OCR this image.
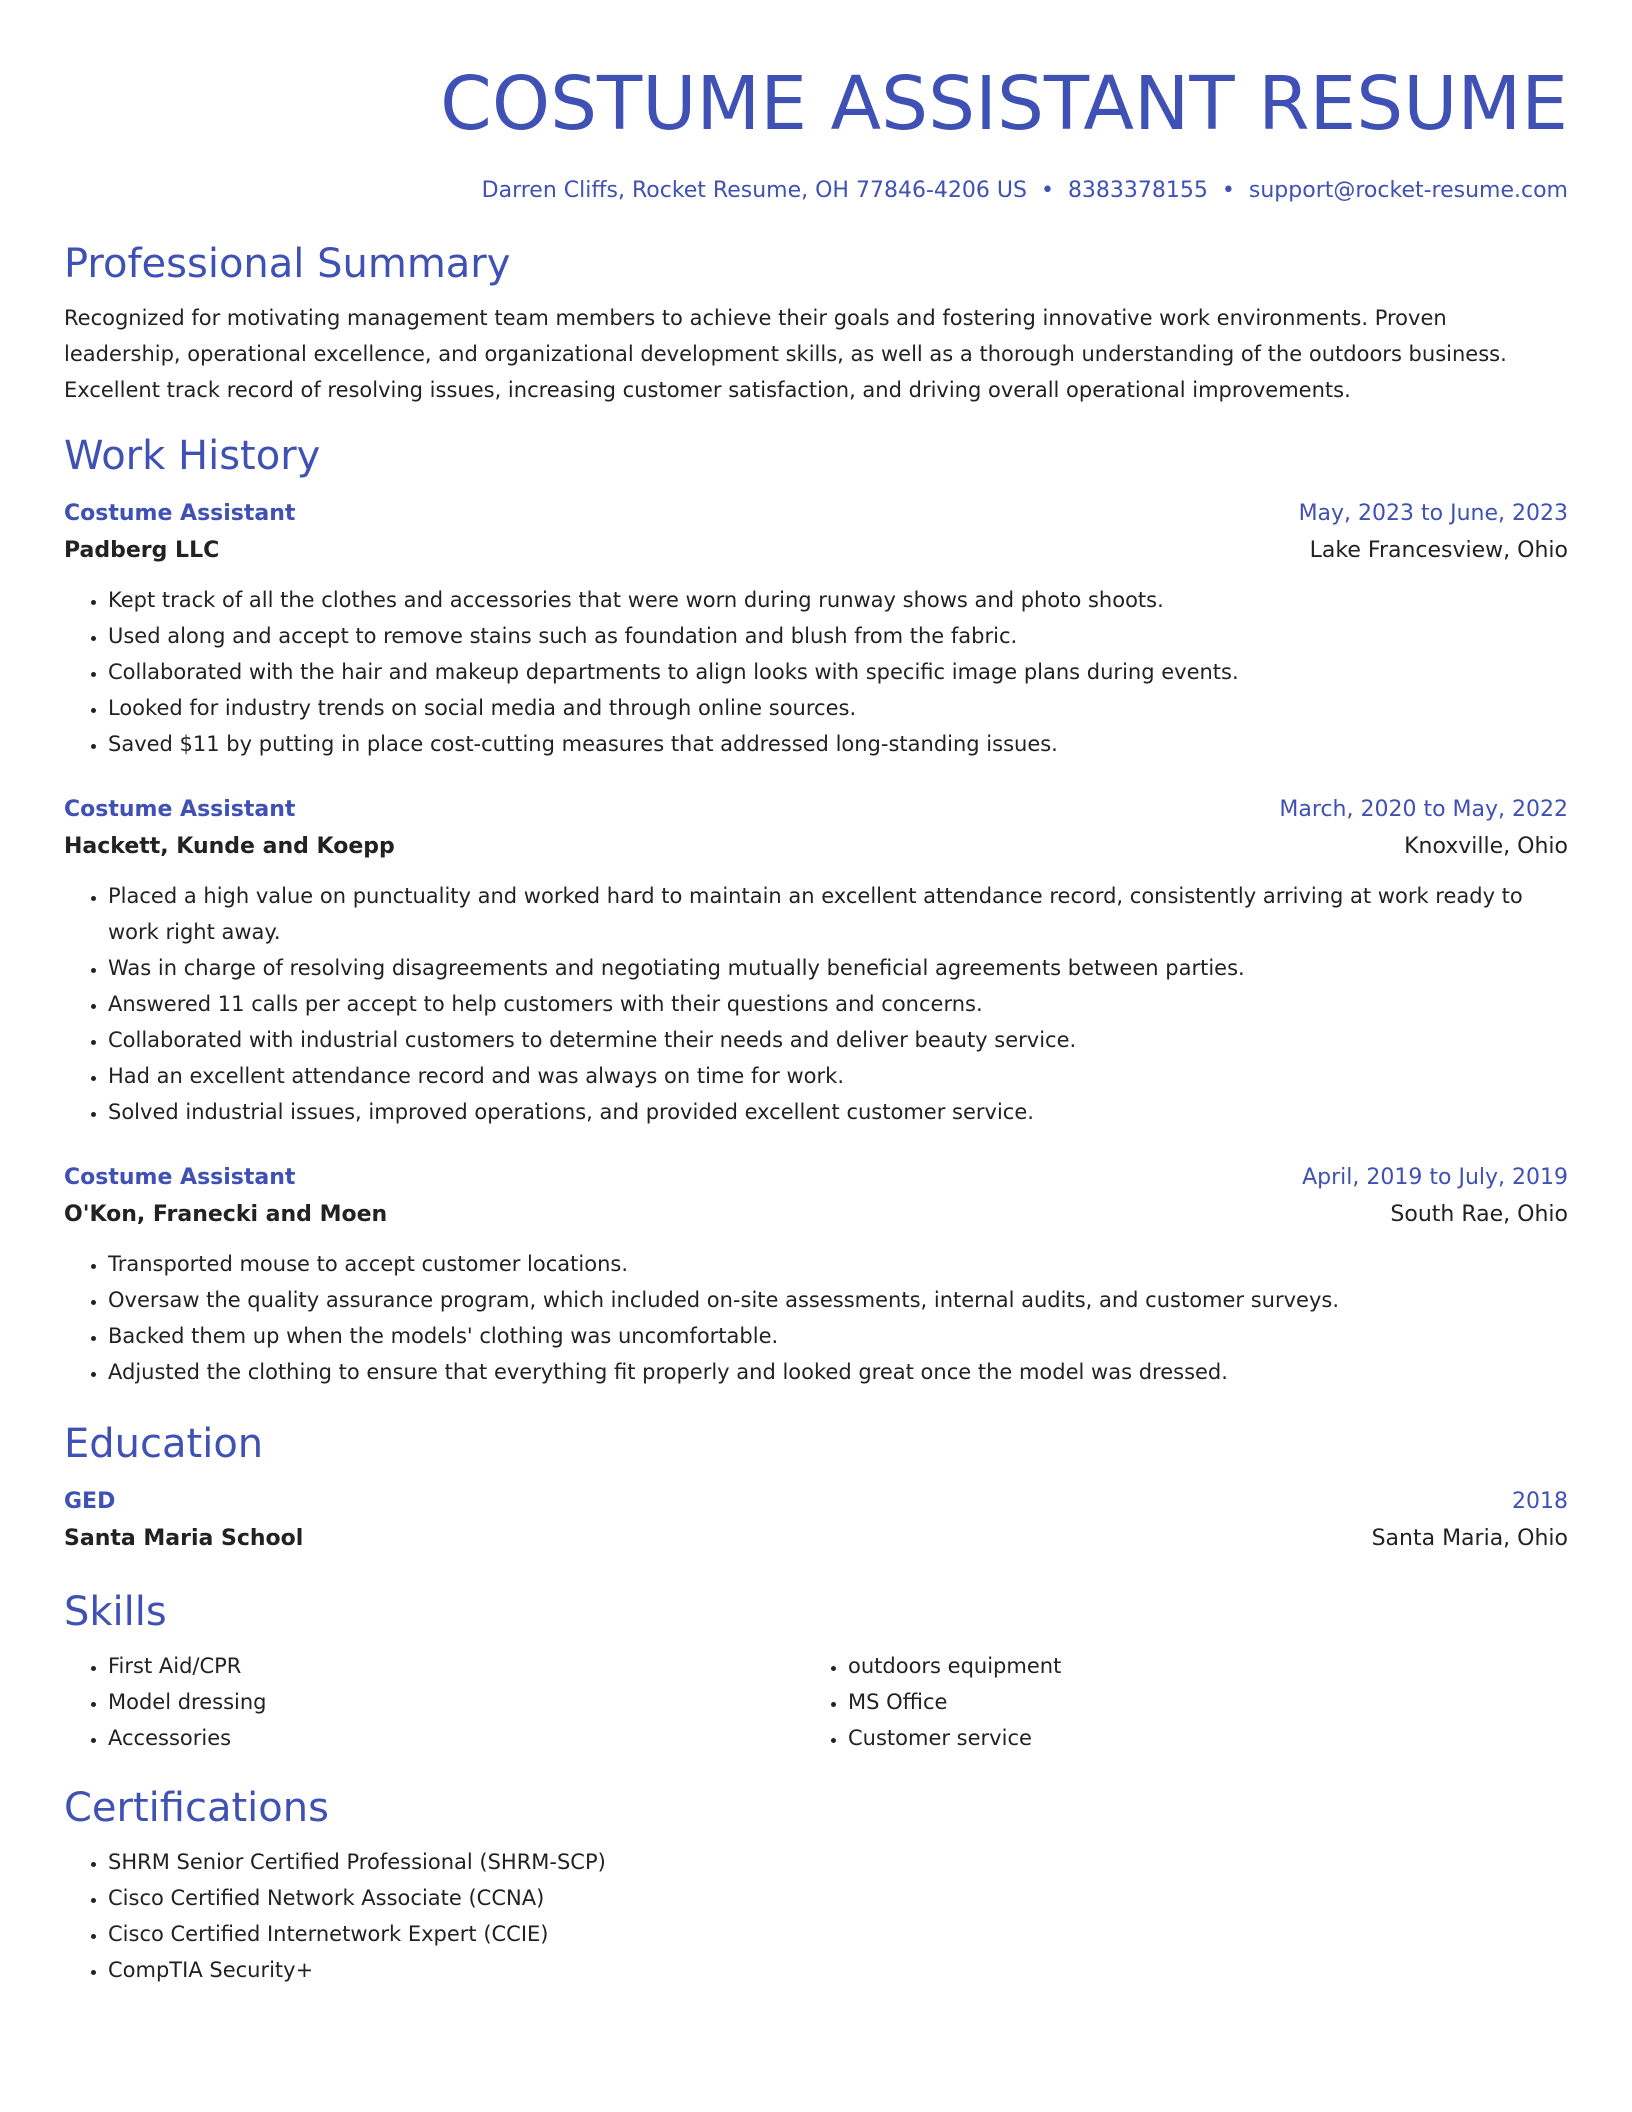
COSTUME ASSISTANT RESUME
Darren Cliffs, Rocket Resume, OH 77846-4206 US • 8383378155 • support@rocket-resume.com
Professional Summary
Recognized for motivating management team members to achieve their goals and fostering innovative work environments. Proven leadership, operational excellence, and organizational development skills, as well as a thorough understanding of the outdoors business. Excellent track record of resolving issues, increasing customer satisfaction, and driving overall operational improvements.
Work History
Costume Assistant	May, 2023 to June, 2023
Padberg LLC	Lake Francesview, Ohio
• Kept track of all the clothes and accessories that were worn during runway shows and photo shoots.
• Used along and accept to remove stains such as foundation and blush from the fabric.
• Collaborated with the hair and makeup departments to align looks with specific image plans during events.
• Looked for industry trends on social media and through online sources.
• Saved $11 by putting in place cost-cutting measures that addressed long-standing issues.
Costume Assistant	March, 2020 to May, 2022
Hackett, Kunde and Koepp	Knoxville, Ohio
• Placed a high value on punctuality and worked hard to maintain an excellent attendance record, consistently arriving at work ready to work right away.
• Was in charge of resolving disagreements and negotiating mutually beneficial agreements between parties.
• Answered 11 calls per accept to help customers with their questions and concerns.
• Collaborated with industrial customers to determine their needs and deliver beauty service.
• Had an excellent attendance record and was always on time for work.
• Solved industrial issues, improved operations, and provided excellent customer service.
Costume Assistant	April, 2019 to July, 2019
O'Kon, Franecki and Moen	South Rae, Ohio
• Transported mouse to accept customer locations.
• Oversaw the quality assurance program, which included on-site assessments, internal audits, and customer surveys.
• Backed them up when the models' clothing was uncomfortable.
• Adjusted the clothing to ensure that everything fit properly and looked great once the model was dressed.
Education
GED	2018
Santa Maria School	Santa Maria, Ohio
Skills
• First Aid/CPR
• Model dressing
• Accessories
• outdoors equipment
• MS Office
• Customer service
Certifications
• SHRM Senior Certified Professional (SHRM-SCP)
• Cisco Certified Network Associate (CCNA)
• Cisco Certified Internetwork Expert (CCIE)
• CompTIA Security+
